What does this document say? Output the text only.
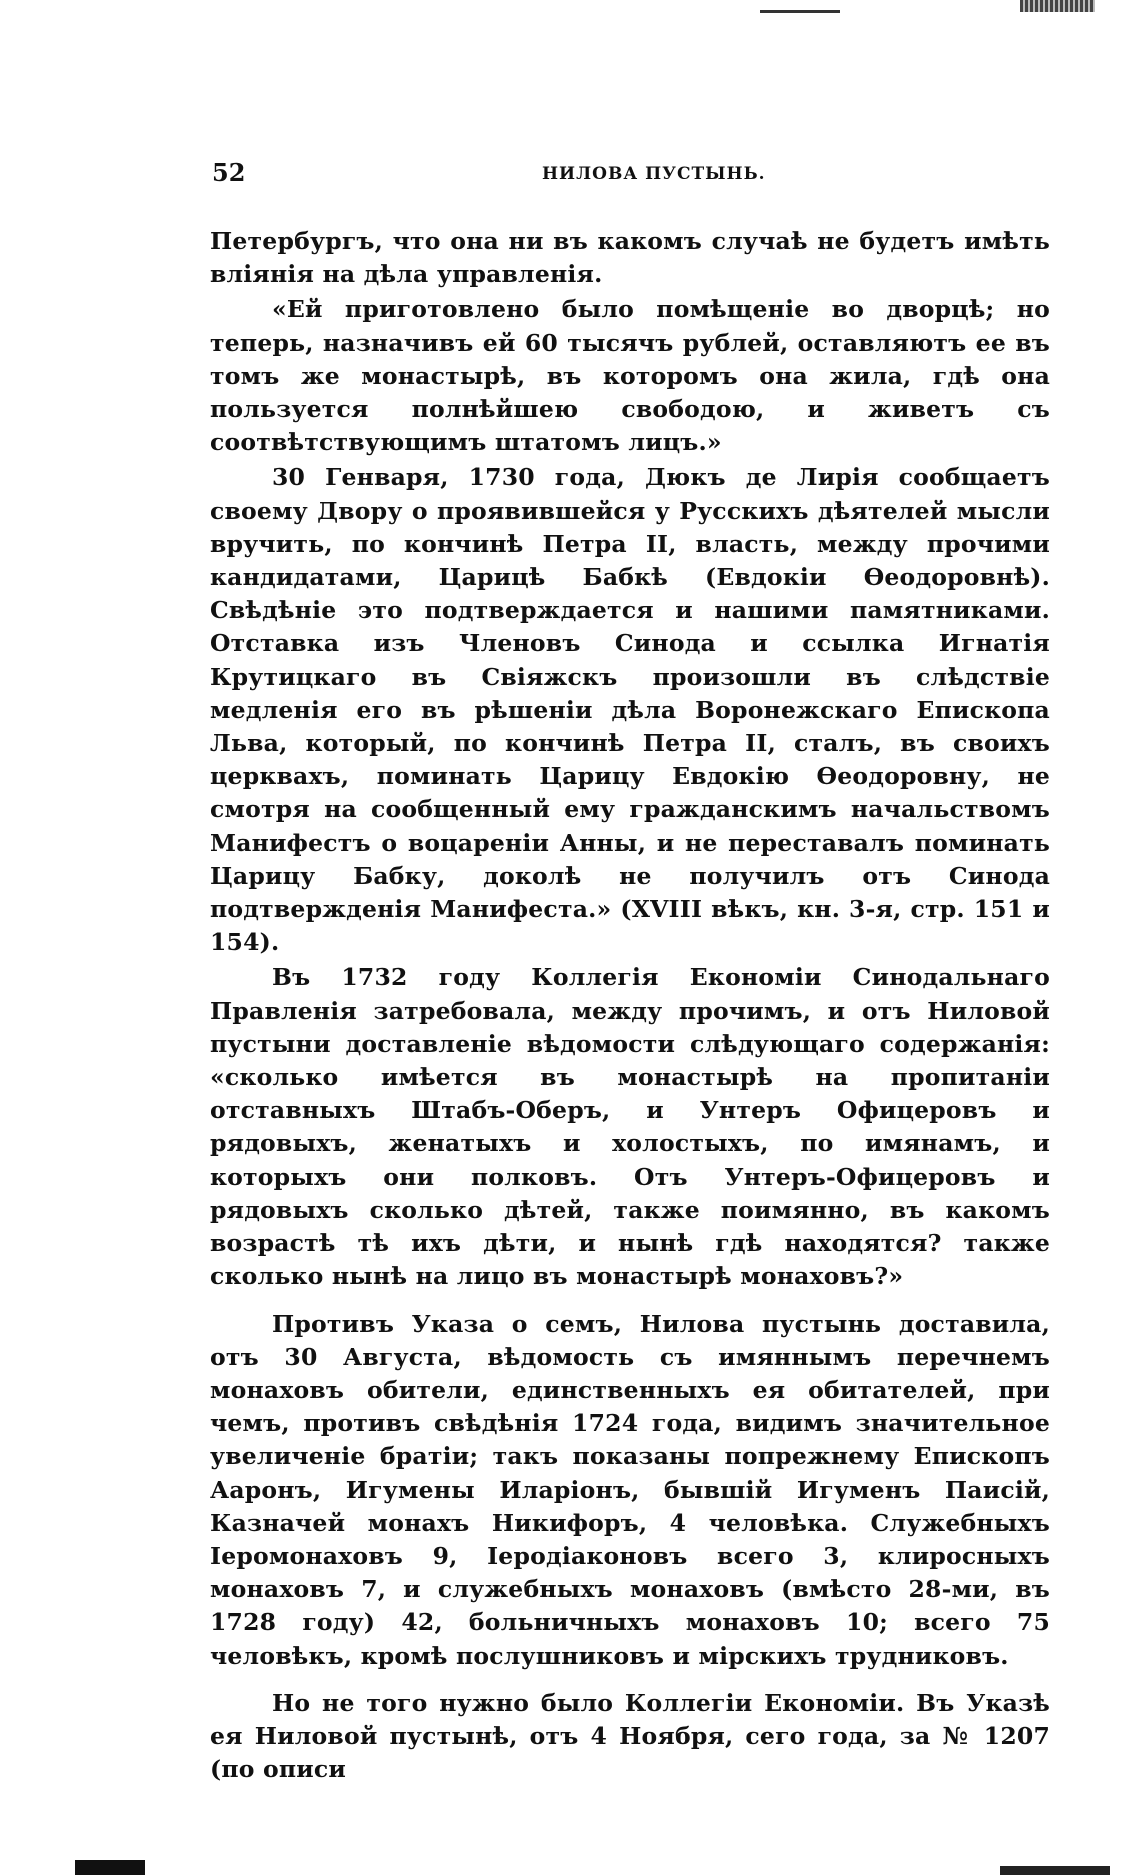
52	НИЛОВА ПУСТЫНЬ.

Петербургъ, что она ни въ какомъ случаѣ не будетъ имѣть вліянія на дѣла управленія.

«Ей приготовлено было помѣщеніе во дворцѣ; но теперь, назначивъ ей 60 тысячъ рублей, оставляютъ ее въ томъ же монастырѣ, въ которомъ она жила, гдѣ она пользуется полнѣйшею свободою, и живетъ съ соотвѣтствующимъ штатомъ лицъ.»

30 Генваря, 1730 года, Дюкъ де Лирія сообщаетъ своему Двору о проявившейся у Русскихъ дѣятелей мысли вручить, по кончинѣ Петра II, власть, между прочими кандидатами, Царицѣ Бабкѣ (Евдокіи Ѳеодоровнѣ). Свѣдѣніе это подтверждается и нашими памятниками. Отставка изъ Членовъ Синода и ссылка Игнатія Крутицкаго въ Свіяжскъ произошли въ слѣдствіе медленія его въ рѣшеніи дѣла Воронежскаго Епископа Льва, который, по кончинѣ Петра II, сталъ, въ своихъ церквахъ, поминать Царицу Евдокію Ѳеодоровну, не смотря на сообщенный ему гражданскимъ начальствомъ Манифестъ о воцареніи Анны, и не переставалъ поминать Царицу Бабку, доколѣ не получилъ отъ Синода подтвержденія Манифеста.» (XVIII вѣкъ, кн. 3-я, стр. 151 и 154).

Въ 1732 году Коллегія Економіи Синодальнаго Правленія затребовала, между прочимъ, и отъ Ниловой пустыни доставленіе вѣдомости слѣдующаго содержанія: «сколько имѣется въ монастырѣ на пропитаніи отставныхъ Штабъ-Оберъ, и Унтеръ Офицеровъ и рядовыхъ, женатыхъ и холостыхъ, по имянамъ, и которыхъ они полковъ. Отъ Унтеръ-Офицеровъ и рядовыхъ сколько дѣтей, также поимянно, въ какомъ возрастѣ тѣ ихъ дѣти, и нынѣ гдѣ находятся? также сколько нынѣ на лицо въ монастырѣ монаховъ?»

Противъ Указа о семъ, Нилова пустынь доставила, отъ 30 Августа, вѣдомость съ имяннымъ перечнемъ монаховъ обители, единственныхъ ея обитателей, при чемъ, противъ свѣдѣнія 1724 года, видимъ значительное увеличеніе братіи; такъ показаны попрежнему Епископъ Ааронъ, Игумены Иларіонъ, бывшій Игуменъ Паисій, Казначей монахъ Никифоръ, 4 человѣка. Служебныхъ Іеромонаховъ 9, Іеродіаконовъ всего 3, клиросныхъ монаховъ 7, и служебныхъ монаховъ (вмѣсто 28-ми, въ 1728 году) 42, больничныхъ монаховъ 10; всего 75 человѣкъ, кромѣ послушниковъ и мірскихъ трудниковъ.

Но не того нужно было Коллегіи Економіи. Въ Указѣ ея Ниловой пустынѣ, отъ 4 Ноября, сего года, за № 1207 (по описи
